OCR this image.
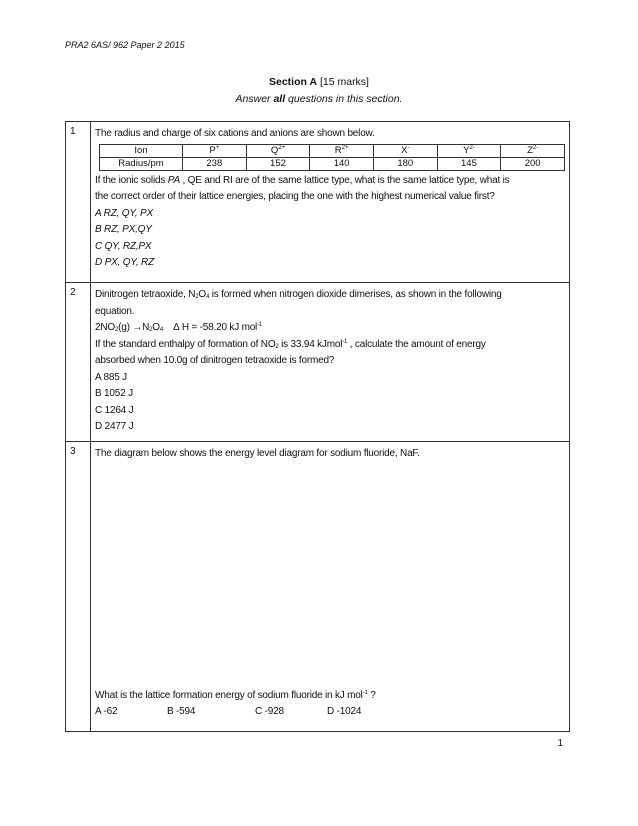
PRA2 6AS/ 962 Paper 2 2015
Section A [15 marks]
Answer all questions in this section.
1	The radius and charge of six cations and anions are shown below.
Ion	P+	$Q^{2+}$	$R^{2+}$	X-	$Y^{2-}$	$Z^{2-}$
Radius/pm	238	152	140	180	145	200
If the ionic solids PA , QE and RI are of the same lattice type, what is the same lattice type, what is
the correct order of their lattice energies, placing the one with the highest numerical value first?
A RZ, QY, PX
B RZ, PX,QY
C QY, RZ,PX
D PX, QY, RZ

2	Dinitrogen tetraoxide, $N_2O_4$ is formed when nitrogen dioxide dimerises, as shown in the following
equation.
$2NO_2(g) \to N_2O_4$    ∆ H = -58.20 kJ mol$^{-1}$
If the standard enthalpy of formation of $NO_2$ is 33.94 kJmol$^{-1}$ , calculate the amount of energy
absorbed when 10.0g of dinitrogen tetraoxide is formed?
A 885 J
B 1052 J
C 1264 J
D 2477 J

3	The diagram below shows the energy level diagram for sodium fluoride, NaF.
What is the lattice formation energy of sodium fluoride in kJ mol$^{-1}$ ?
A -62	B -594	C -928	D -1024
1
